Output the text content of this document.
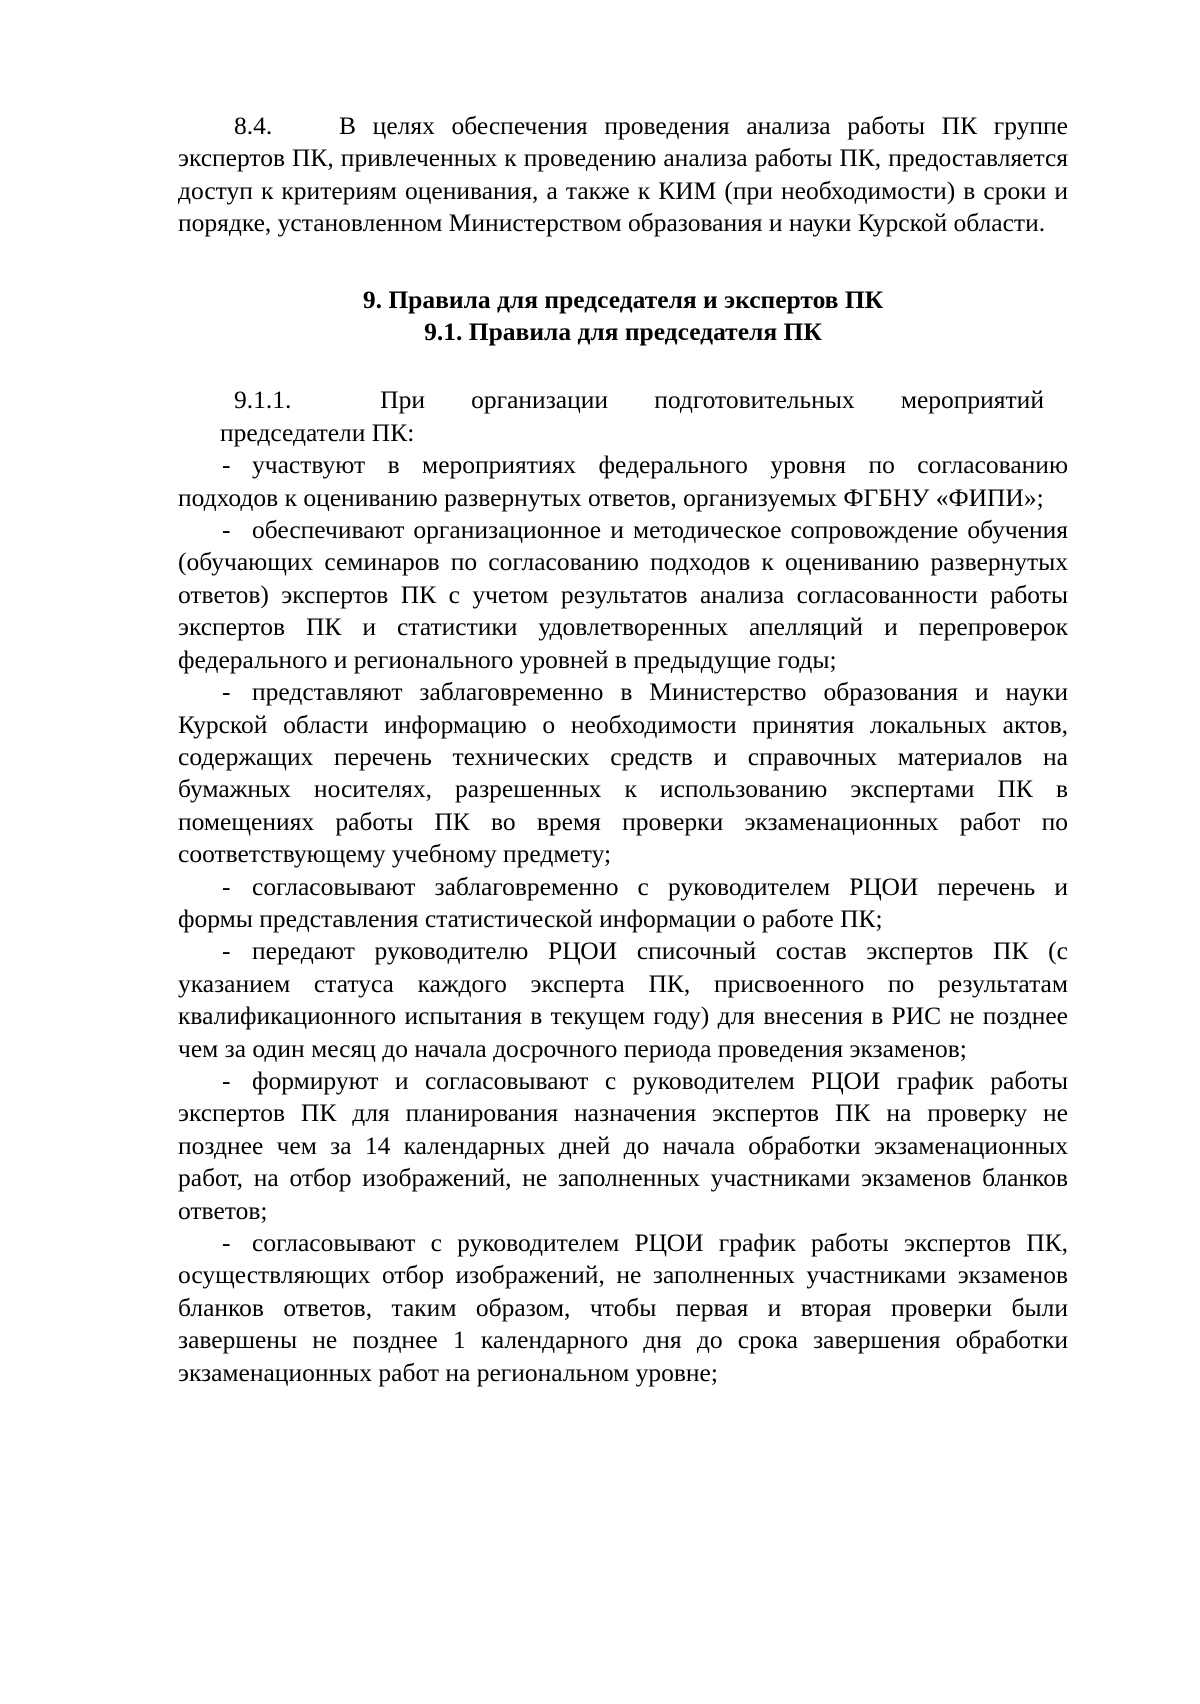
8.4.	В целях обеспечения проведения анализа работы ПК группе экспертов ПК, привлеченных к проведению анализа работы ПК, предоставляется доступ к критериям оценивания, а также к КИМ (при необходимости) в сроки и порядке, установленном Министерством образования и науки Курской области.

9. Правила для председателя и экспертов ПК

9.1. Правила для председателя ПК

9.1.1.	При организации подготовительных мероприятий
председатели ПК:

- участвуют в мероприятиях федерального уровня по согласованию подходов к оцениванию развернутых ответов, организуемых ФГБНУ «ФИПИ»;

- обеспечивают организационное и методическое сопровождение обучения (обучающих семинаров по согласованию подходов к оцениванию развернутых ответов) экспертов ПК с учетом результатов анализа согласованности работы экспертов ПК и статистики удовлетворенных апелляций и перепроверок федерального и регионального уровней в предыдущие годы;

- представляют заблаговременно в Министерство образования и науки Курской области информацию о необходимости принятия локальных актов, содержащих перечень технических средств и справочных материалов на бумажных носителях, разрешенных к использованию экспертами ПК в помещениях работы ПК во время проверки экзаменационных работ по соответствующему учебному предмету;

- согласовывают заблаговременно с руководителем РЦОИ перечень и формы представления статистической информации о работе ПК;

- передают руководителю РЦОИ списочный состав экспертов ПК (с указанием статуса каждого эксперта ПК, присвоенного по результатам квалификационного испытания в текущем году) для внесения в РИС не позднее чем за один месяц до начала досрочного периода проведения экзаменов;

- формируют и согласовывают с руководителем РЦОИ график работы экспертов ПК для планирования назначения экспертов ПК на проверку не позднее чем за 14 календарных дней до начала обработки экзаменационных работ, на отбор изображений, не заполненных участниками экзаменов бланков ответов;

- согласовывают с руководителем РЦОИ график работы экспертов ПК, осуществляющих отбор изображений, не заполненных участниками экзаменов бланков ответов, таким образом, чтобы первая и вторая проверки были завершены не позднее 1 календарного дня до срока завершения обработки экзаменационных работ на региональном уровне;
